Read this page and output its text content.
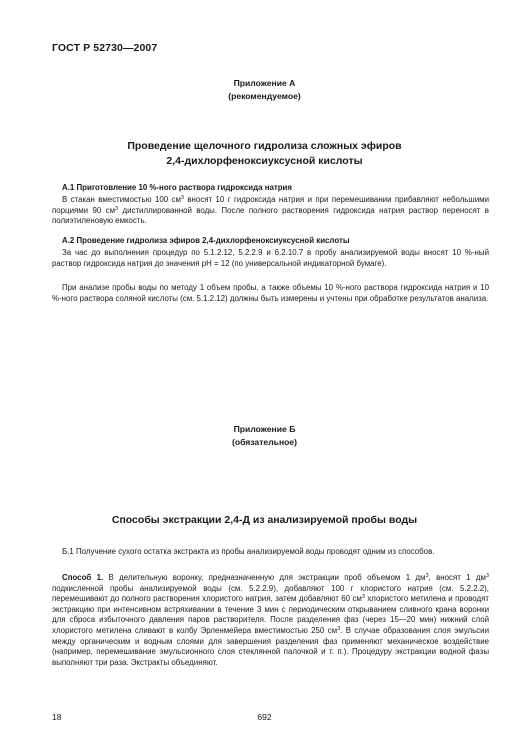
ГОСТ Р 52730—2007
Приложение А
(рекомендуемое)
Проведение щелочного гидролиза сложных эфиров
2,4-дихлорфеноксиуксусной кислоты
А.1 Приготовление 10 %-ного раствора гидроксида натрия
В стакан вместимостью 100 $см^3$ вносят 10 г гидроксида натрия и при перемешивании прибавляют небольшими порциями 90 $см^3$ дистиллированной воды. После полного растворения гидроксида натрия раствор переносят в полиэтиленовую емкость.
А.2 Проведение гидролиза эфиров 2,4-дихлорфеноксиуксусной кислоты
За час до выполнения процедур по 5.1.2.12, 5.2.2.9 и 6.2.10.7 в пробу анализируемой воды вносят 10 %-ный раствор гидроксида натрия до значения рН = 12 (по универсальной индикаторной бумаге).
При анализе пробы воды по методу 1 объем пробы, а также объемы 10 %-ного раствора гидроксида натрия и 10 %-ного раствора соляной кислоты (см. 5.1.2.12) должны быть измерены и учтены при обработке результатов анализа.
Приложение Б
(обязательное)
Способы экстракции 2,4-Д из анализируемой пробы воды
Б.1 Получение сухого остатка экстракта из пробы анализируемой воды проводят одним из способов.
Способ 1. В делительную воронку, предназначенную для экстракции проб объемом 1 $дм^3$, вносят 1 $дм^3$ подкисленной пробы анализируемой воды (см. 5.2.2.9), добавляют 100 г хлористого натрия (см. 5.2.2.2), перемешивают до полного растворения хлористого натрия, затем добавляют 60 $см^3$ хлористого метилена и проводят экстракцию при интенсивном встряхивании в течение 3 мин с периодическим открыванием сливного крана воронки для сброса избыточного давления паров растворителя. После разделения фаз (через 15—20 мин) нижний слой хлористого метилена сливают в колбу Эрленмейера вместимостью 250 $см^3$. В случае образования слоя эмульсии между органическим и водным слоями для завершения разделения фаз применяют механическое воздействие (например, перемешивание эмульсионного слоя стеклянной палочкой и т. п.). Процедуру экстракции водной фазы выполняют три раза. Экстракты объединяют.
18	692
